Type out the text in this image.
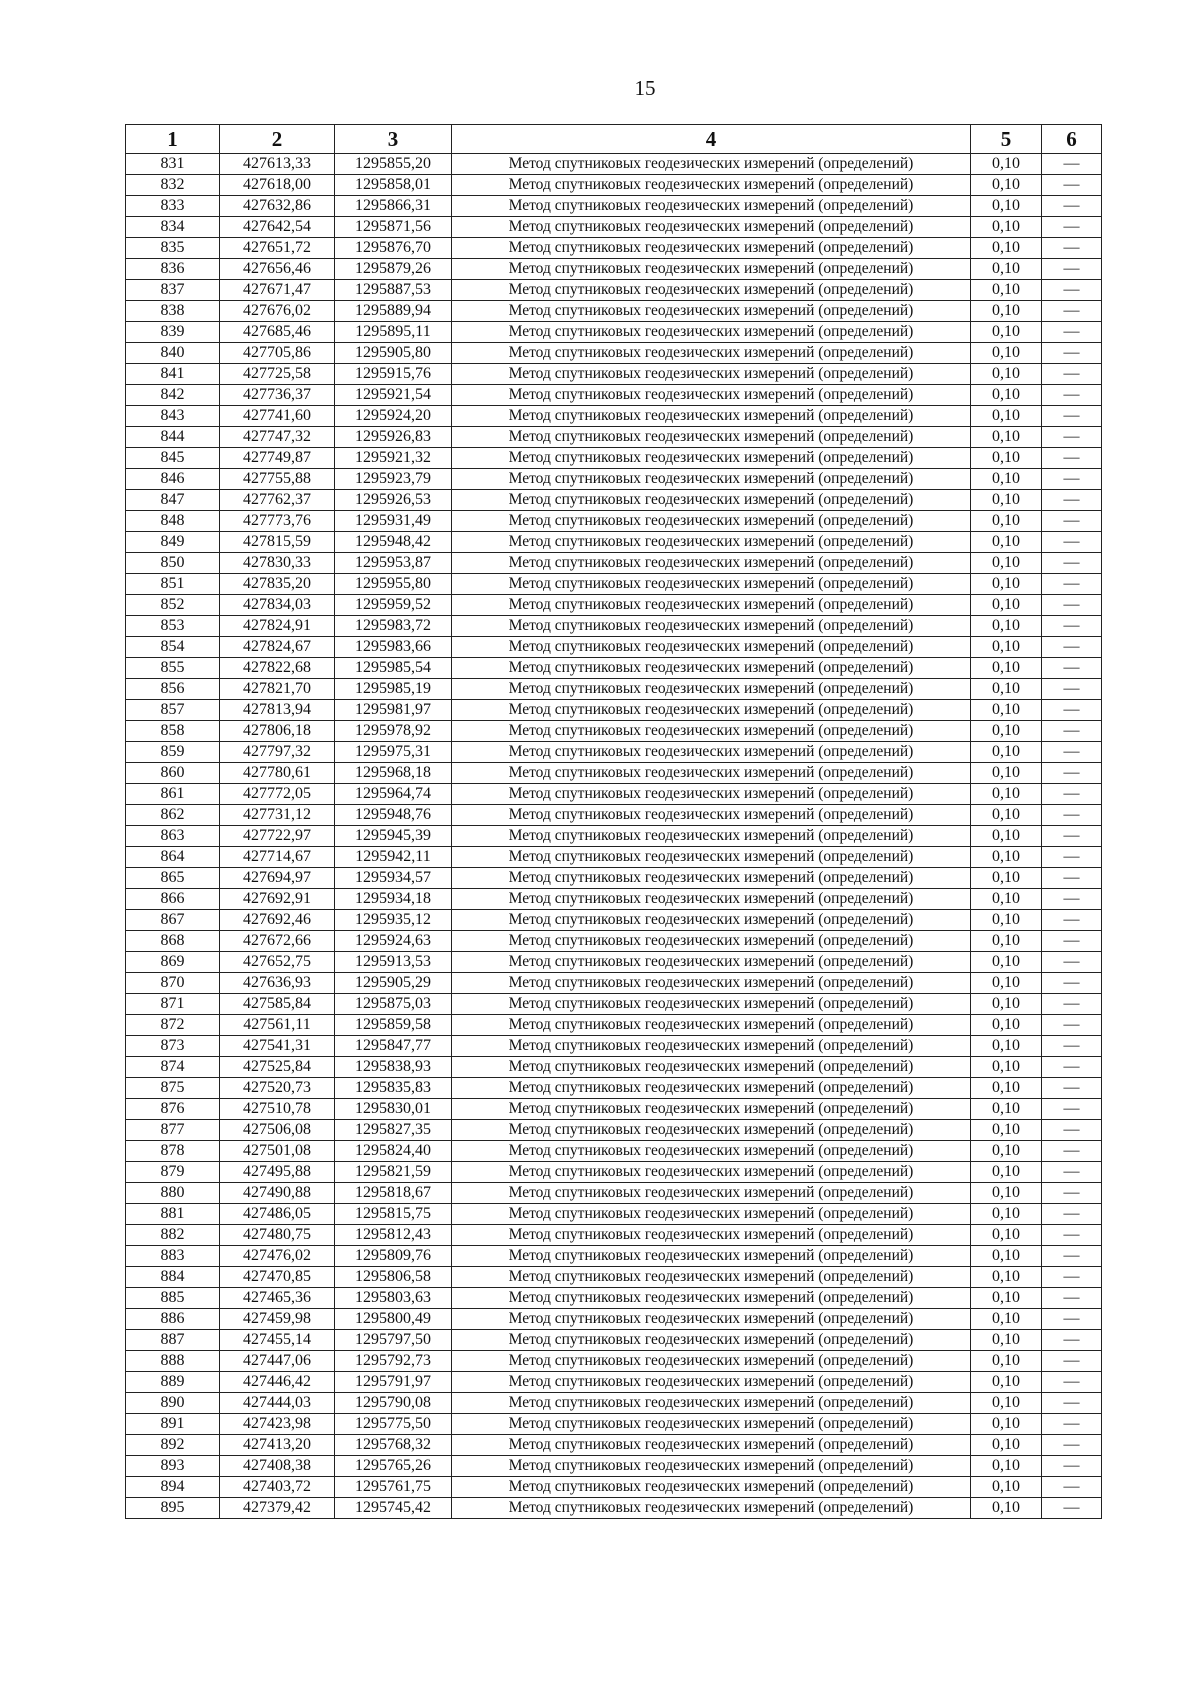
15
1	2	3	4	5	6
831	427613,33	1295855,20	Метод спутниковых геодезических измерений (определений)	0,10	—
832	427618,00	1295858,01	Метод спутниковых геодезических измерений (определений)	0,10	—
833	427632,86	1295866,31	Метод спутниковых геодезических измерений (определений)	0,10	—
834	427642,54	1295871,56	Метод спутниковых геодезических измерений (определений)	0,10	—
835	427651,72	1295876,70	Метод спутниковых геодезических измерений (определений)	0,10	—
836	427656,46	1295879,26	Метод спутниковых геодезических измерений (определений)	0,10	—
837	427671,47	1295887,53	Метод спутниковых геодезических измерений (определений)	0,10	—
838	427676,02	1295889,94	Метод спутниковых геодезических измерений (определений)	0,10	—
839	427685,46	1295895,11	Метод спутниковых геодезических измерений (определений)	0,10	—
840	427705,86	1295905,80	Метод спутниковых геодезических измерений (определений)	0,10	—
841	427725,58	1295915,76	Метод спутниковых геодезических измерений (определений)	0,10	—
842	427736,37	1295921,54	Метод спутниковых геодезических измерений (определений)	0,10	—
843	427741,60	1295924,20	Метод спутниковых геодезических измерений (определений)	0,10	—
844	427747,32	1295926,83	Метод спутниковых геодезических измерений (определений)	0,10	—
845	427749,87	1295921,32	Метод спутниковых геодезических измерений (определений)	0,10	—
846	427755,88	1295923,79	Метод спутниковых геодезических измерений (определений)	0,10	—
847	427762,37	1295926,53	Метод спутниковых геодезических измерений (определений)	0,10	—
848	427773,76	1295931,49	Метод спутниковых геодезических измерений (определений)	0,10	—
849	427815,59	1295948,42	Метод спутниковых геодезических измерений (определений)	0,10	—
850	427830,33	1295953,87	Метод спутниковых геодезических измерений (определений)	0,10	—
851	427835,20	1295955,80	Метод спутниковых геодезических измерений (определений)	0,10	—
852	427834,03	1295959,52	Метод спутниковых геодезических измерений (определений)	0,10	—
853	427824,91	1295983,72	Метод спутниковых геодезических измерений (определений)	0,10	—
854	427824,67	1295983,66	Метод спутниковых геодезических измерений (определений)	0,10	—
855	427822,68	1295985,54	Метод спутниковых геодезических измерений (определений)	0,10	—
856	427821,70	1295985,19	Метод спутниковых геодезических измерений (определений)	0,10	—
857	427813,94	1295981,97	Метод спутниковых геодезических измерений (определений)	0,10	—
858	427806,18	1295978,92	Метод спутниковых геодезических измерений (определений)	0,10	—
859	427797,32	1295975,31	Метод спутниковых геодезических измерений (определений)	0,10	—
860	427780,61	1295968,18	Метод спутниковых геодезических измерений (определений)	0,10	—
861	427772,05	1295964,74	Метод спутниковых геодезических измерений (определений)	0,10	—
862	427731,12	1295948,76	Метод спутниковых геодезических измерений (определений)	0,10	—
863	427722,97	1295945,39	Метод спутниковых геодезических измерений (определений)	0,10	—
864	427714,67	1295942,11	Метод спутниковых геодезических измерений (определений)	0,10	—
865	427694,97	1295934,57	Метод спутниковых геодезических измерений (определений)	0,10	—
866	427692,91	1295934,18	Метод спутниковых геодезических измерений (определений)	0,10	—
867	427692,46	1295935,12	Метод спутниковых геодезических измерений (определений)	0,10	—
868	427672,66	1295924,63	Метод спутниковых геодезических измерений (определений)	0,10	—
869	427652,75	1295913,53	Метод спутниковых геодезических измерений (определений)	0,10	—
870	427636,93	1295905,29	Метод спутниковых геодезических измерений (определений)	0,10	—
871	427585,84	1295875,03	Метод спутниковых геодезических измерений (определений)	0,10	—
872	427561,11	1295859,58	Метод спутниковых геодезических измерений (определений)	0,10	—
873	427541,31	1295847,77	Метод спутниковых геодезических измерений (определений)	0,10	—
874	427525,84	1295838,93	Метод спутниковых геодезических измерений (определений)	0,10	—
875	427520,73	1295835,83	Метод спутниковых геодезических измерений (определений)	0,10	—
876	427510,78	1295830,01	Метод спутниковых геодезических измерений (определений)	0,10	—
877	427506,08	1295827,35	Метод спутниковых геодезических измерений (определений)	0,10	—
878	427501,08	1295824,40	Метод спутниковых геодезических измерений (определений)	0,10	—
879	427495,88	1295821,59	Метод спутниковых геодезических измерений (определений)	0,10	—
880	427490,88	1295818,67	Метод спутниковых геодезических измерений (определений)	0,10	—
881	427486,05	1295815,75	Метод спутниковых геодезических измерений (определений)	0,10	—
882	427480,75	1295812,43	Метод спутниковых геодезических измерений (определений)	0,10	—
883	427476,02	1295809,76	Метод спутниковых геодезических измерений (определений)	0,10	—
884	427470,85	1295806,58	Метод спутниковых геодезических измерений (определений)	0,10	—
885	427465,36	1295803,63	Метод спутниковых геодезических измерений (определений)	0,10	—
886	427459,98	1295800,49	Метод спутниковых геодезических измерений (определений)	0,10	—
887	427455,14	1295797,50	Метод спутниковых геодезических измерений (определений)	0,10	—
888	427447,06	1295792,73	Метод спутниковых геодезических измерений (определений)	0,10	—
889	427446,42	1295791,97	Метод спутниковых геодезических измерений (определений)	0,10	—
890	427444,03	1295790,08	Метод спутниковых геодезических измерений (определений)	0,10	—
891	427423,98	1295775,50	Метод спутниковых геодезических измерений (определений)	0,10	—
892	427413,20	1295768,32	Метод спутниковых геодезических измерений (определений)	0,10	—
893	427408,38	1295765,26	Метод спутниковых геодезических измерений (определений)	0,10	—
894	427403,72	1295761,75	Метод спутниковых геодезических измерений (определений)	0,10	—
895	427379,42	1295745,42	Метод спутниковых геодезических измерений (определений)	0,10	—
